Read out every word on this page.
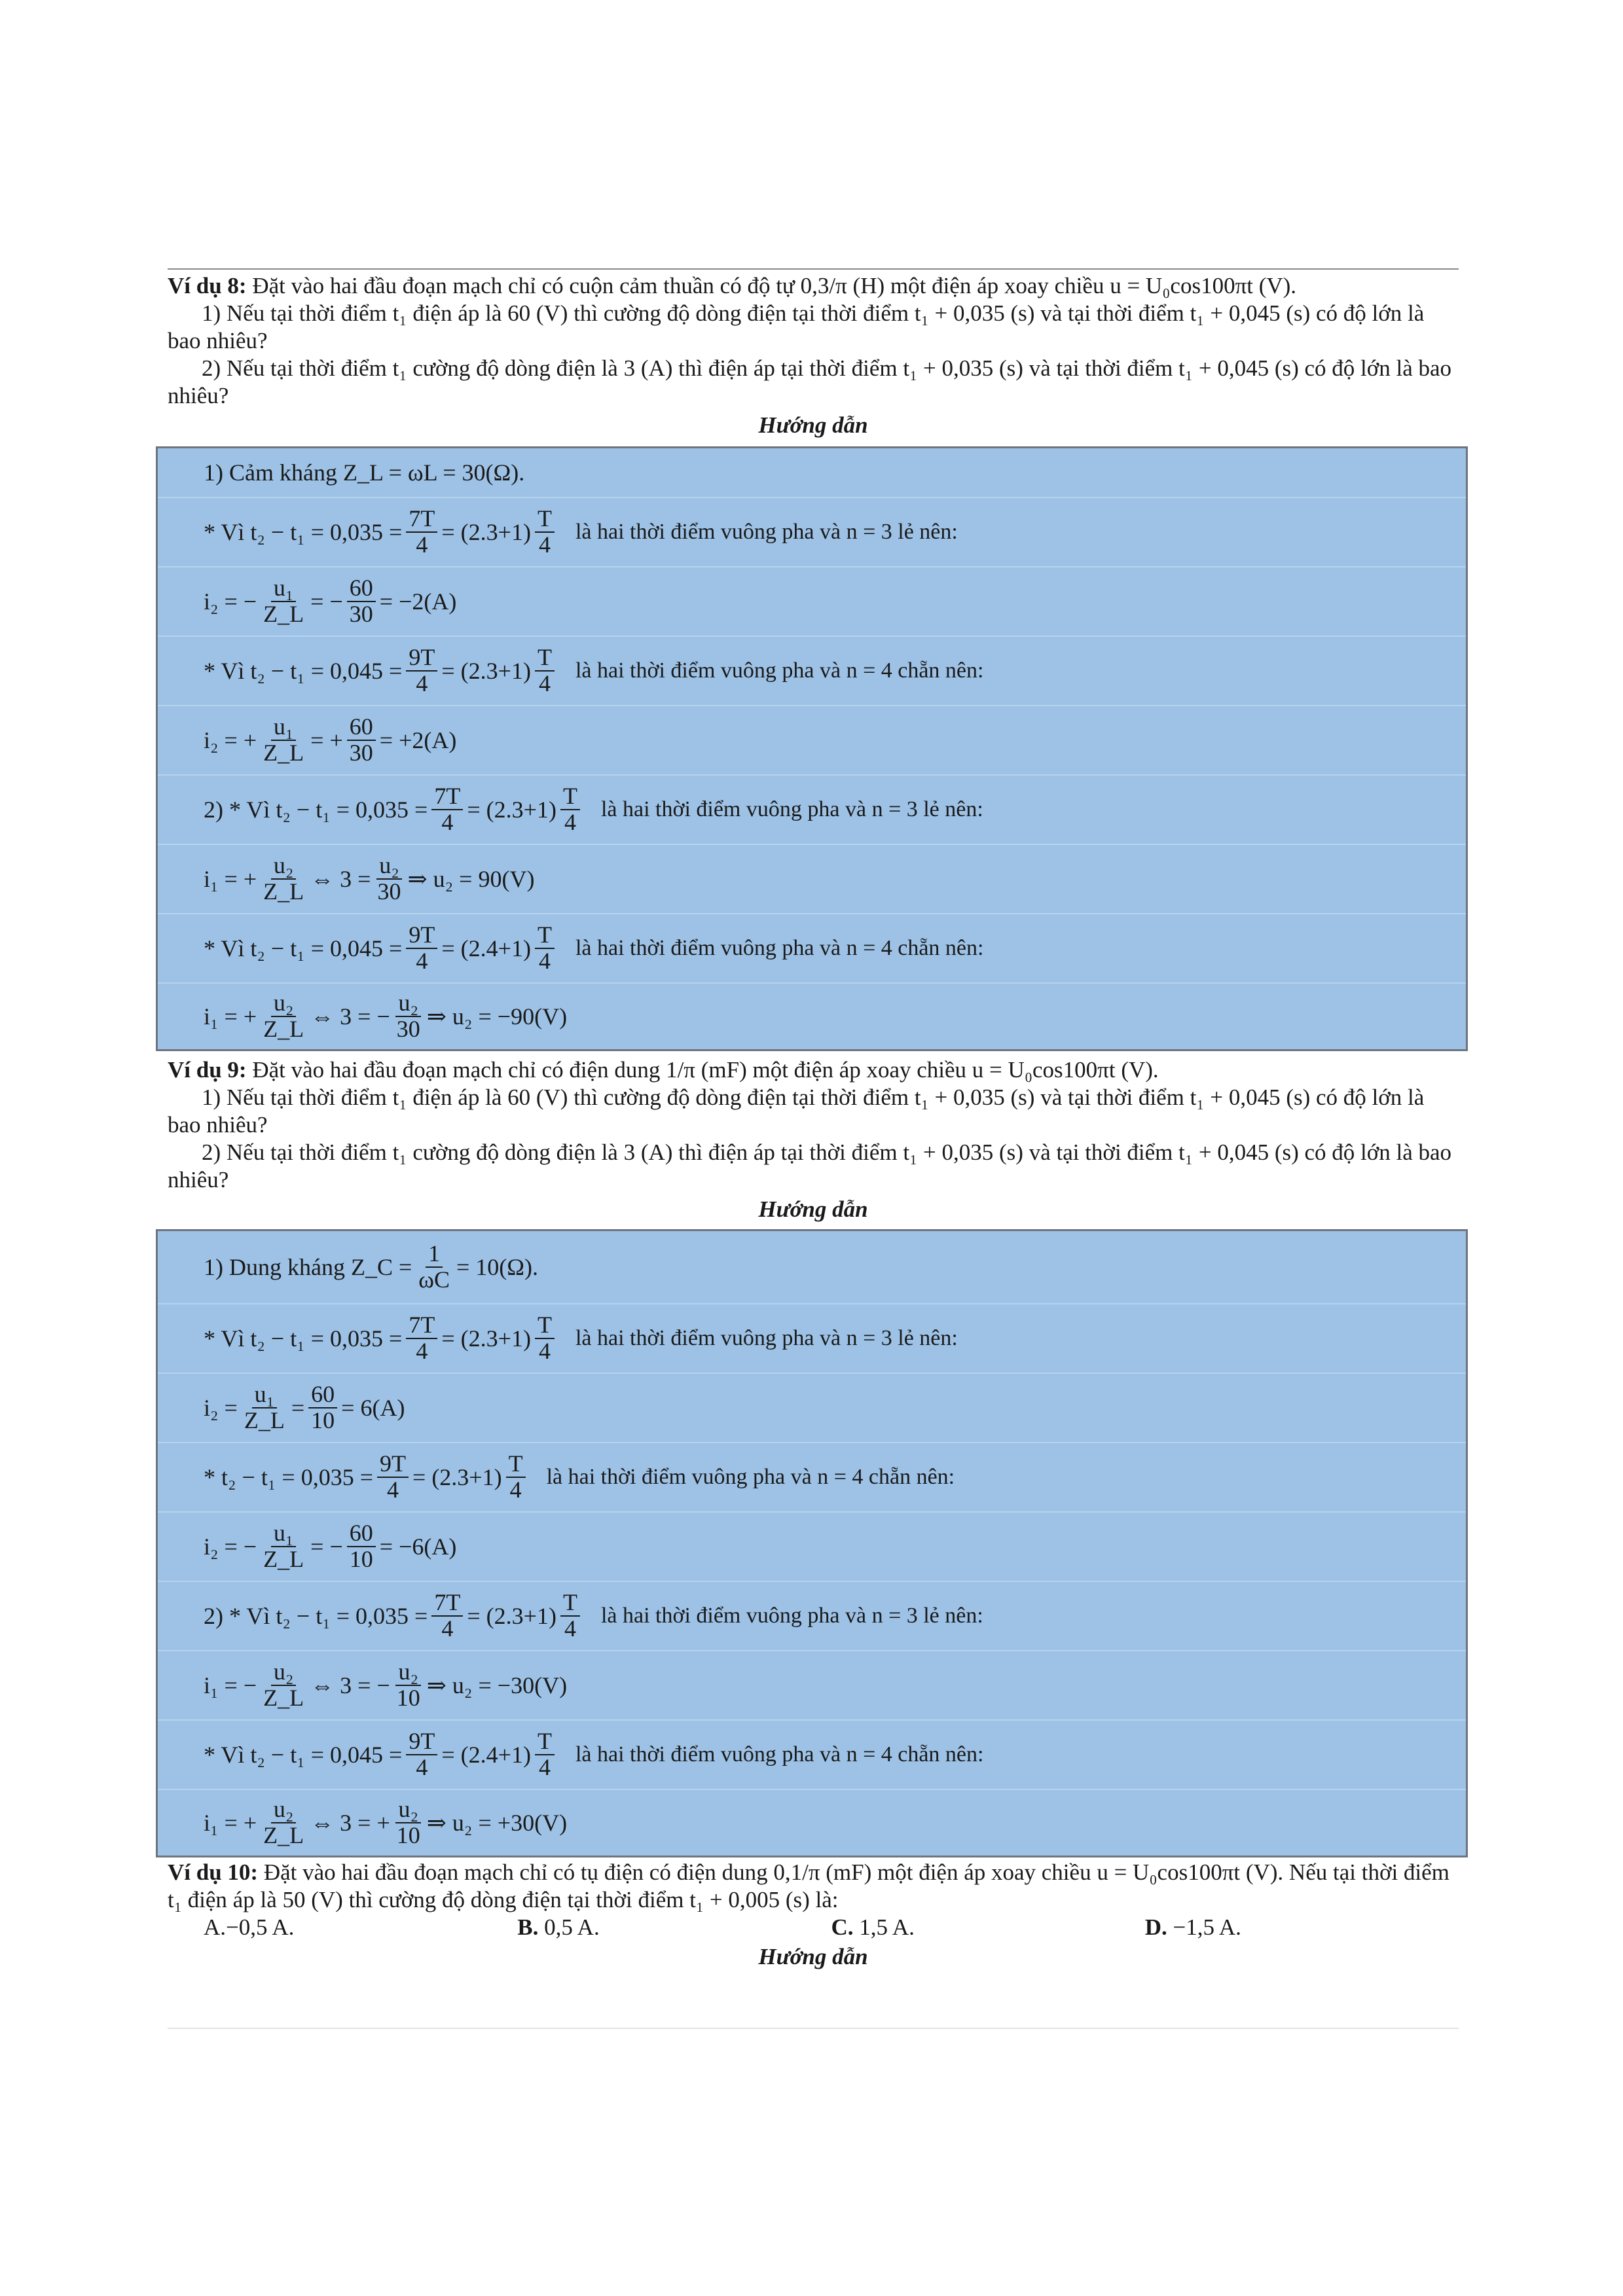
Ví dụ 8: Đặt vào hai đầu đoạn mạch chỉ có cuộn cảm thuần có độ tự 0,3/π (H) một điện áp xoay chiều u = U₀cos100πt (V).

1) Nếu tại thời điểm t₁ điện áp là 60 (V) thì cường độ dòng điện tại thời điểm t₁ + 0,035 (s) và tại thời điểm t₁ + 0,045 (s) có độ lớn là bao nhiêu?

2) Nếu tại thời điểm t₁ cường độ dòng điện là 3 (A) thì điện áp tại thời điểm t₁ + 0,035 (s) và tại thời điểm t₁ + 0,045 (s) có độ lớn là bao nhiêu?

Hướng dẫn

1) Cảm kháng Z_L = ωL = 30(Ω).
* Vì $t_2 - t_1 = 0,035 = \frac{7T}{4} = (2.3+1) \frac{T}{4}$ là hai thời điểm vuông pha và n = 3 lẻ nên:
i₂ = − $\frac{\text{u₁}}{Z\_L}$ = − $\frac{60}{30} = -2(A)$
* Vì $t_2 - t_1 = 0,045 = \frac{9T}{4} = (2.3+1) \frac{T}{4}$ là hai thời điểm vuông pha và n = 4 chẵn nên:
i₂ = + $\frac{\text{u₁}}{Z\_L}$ = + $\frac{60}{30} = +2(A)$
2) * Vì $t_2 - t_1 = 0,035 = \frac{7T}{4} = (2.3+1) \frac{T}{4}$ là hai thời điểm vuông pha và n = 3 lẻ nên:
i₁ = + $\frac{\text{u₂}}{Z\_L}$ ⇔ $3 = \frac{\text{u₂}}{30}$ ⇒ u₂ = 90(V)
* Vì $t_2 - t_1 = 0,045 = \frac{9T}{4} = (2.4+1) \frac{T}{4}$ là hai thời điểm vuông pha và n = 4 chẵn nên:
i₁ = + $\frac{\text{u₂}}{Z\_L}$ ⇔ 3 = − $\frac{\text{u₂}}{30}$ ⇒ u₂ = −90(V)

Ví dụ 9: Đặt vào hai đầu đoạn mạch chỉ có điện dung 1/π (mF) một điện áp xoay chiều u = U₀cos100πt (V).

1) Nếu tại thời điểm t₁ điện áp là 60 (V) thì cường độ dòng điện tại thời điểm t₁ + 0,035 (s) và tại thời điểm t₁ + 0,045 (s) có độ lớn là bao nhiêu?

2) Nếu tại thời điểm t₁ cường độ dòng điện là 3 (A) thì điện áp tại thời điểm t₁ + 0,035 (s) và tại thời điểm t₁ + 0,045 (s) có độ lớn là bao nhiêu?

Hướng dẫn

1) Dung kháng Z_C = $\frac{1}{\omega C} = 10(\Omega)$.
* Vì $t_2 - t_1 = 0,035 = \frac{7T}{4} = (2.3+1) \frac{T}{4}$ là hai thời điểm vuông pha và n = 3 lẻ nên:
$i_2 = \frac{\text{u₁}}{Z\_L} = \frac{60}{10} = 6(A)$
* $t_2 - t_1 = 0,035 = \frac{9T}{4} = (2.3+1) \frac{T}{4}$ là hai thời điểm vuông pha và n = 4 chẵn nên:
i₂ = − $\frac{\text{u₁}}{Z\_L}$ = − $\frac{60}{10} = -6(A)$
2) * Vì $t_2 - t_1 = 0,035 = \frac{7T}{4} = (2.3+1) \frac{T}{4}$ là hai thời điểm vuông pha và n = 3 lẻ nên:
i₁ = − $\frac{\text{u₂}}{Z\_L}$ ⇔ 3 = − $\frac{\text{u₂}}{10}$ ⇒ u₂ = −30(V)
* Vì $t_2 - t_1 = 0,045 = \frac{9T}{4} = (2.4+1) \frac{T}{4}$ là hai thời điểm vuông pha và n = 4 chẵn nên:
i₁ = + $\frac{\text{u₂}}{Z\_L}$ ⇔ 3 = + $\frac{\text{u₂}}{10}$ ⇒ u₂ = +30(V)

Ví dụ 10: Đặt vào hai đầu đoạn mạch chỉ có tụ điện có điện dung 0,1/π (mF) một điện áp xoay chiều u = U₀cos100πt (V). Nếu tại thời điểm t₁ điện áp là 50 (V) thì cường độ dòng điện tại thời điểm t₁ + 0,005 (s) là:

A.−0,5 A.	B. 0,5 A.	C. 1,5 A.	D. −1,5 A.

Hướng dẫn
